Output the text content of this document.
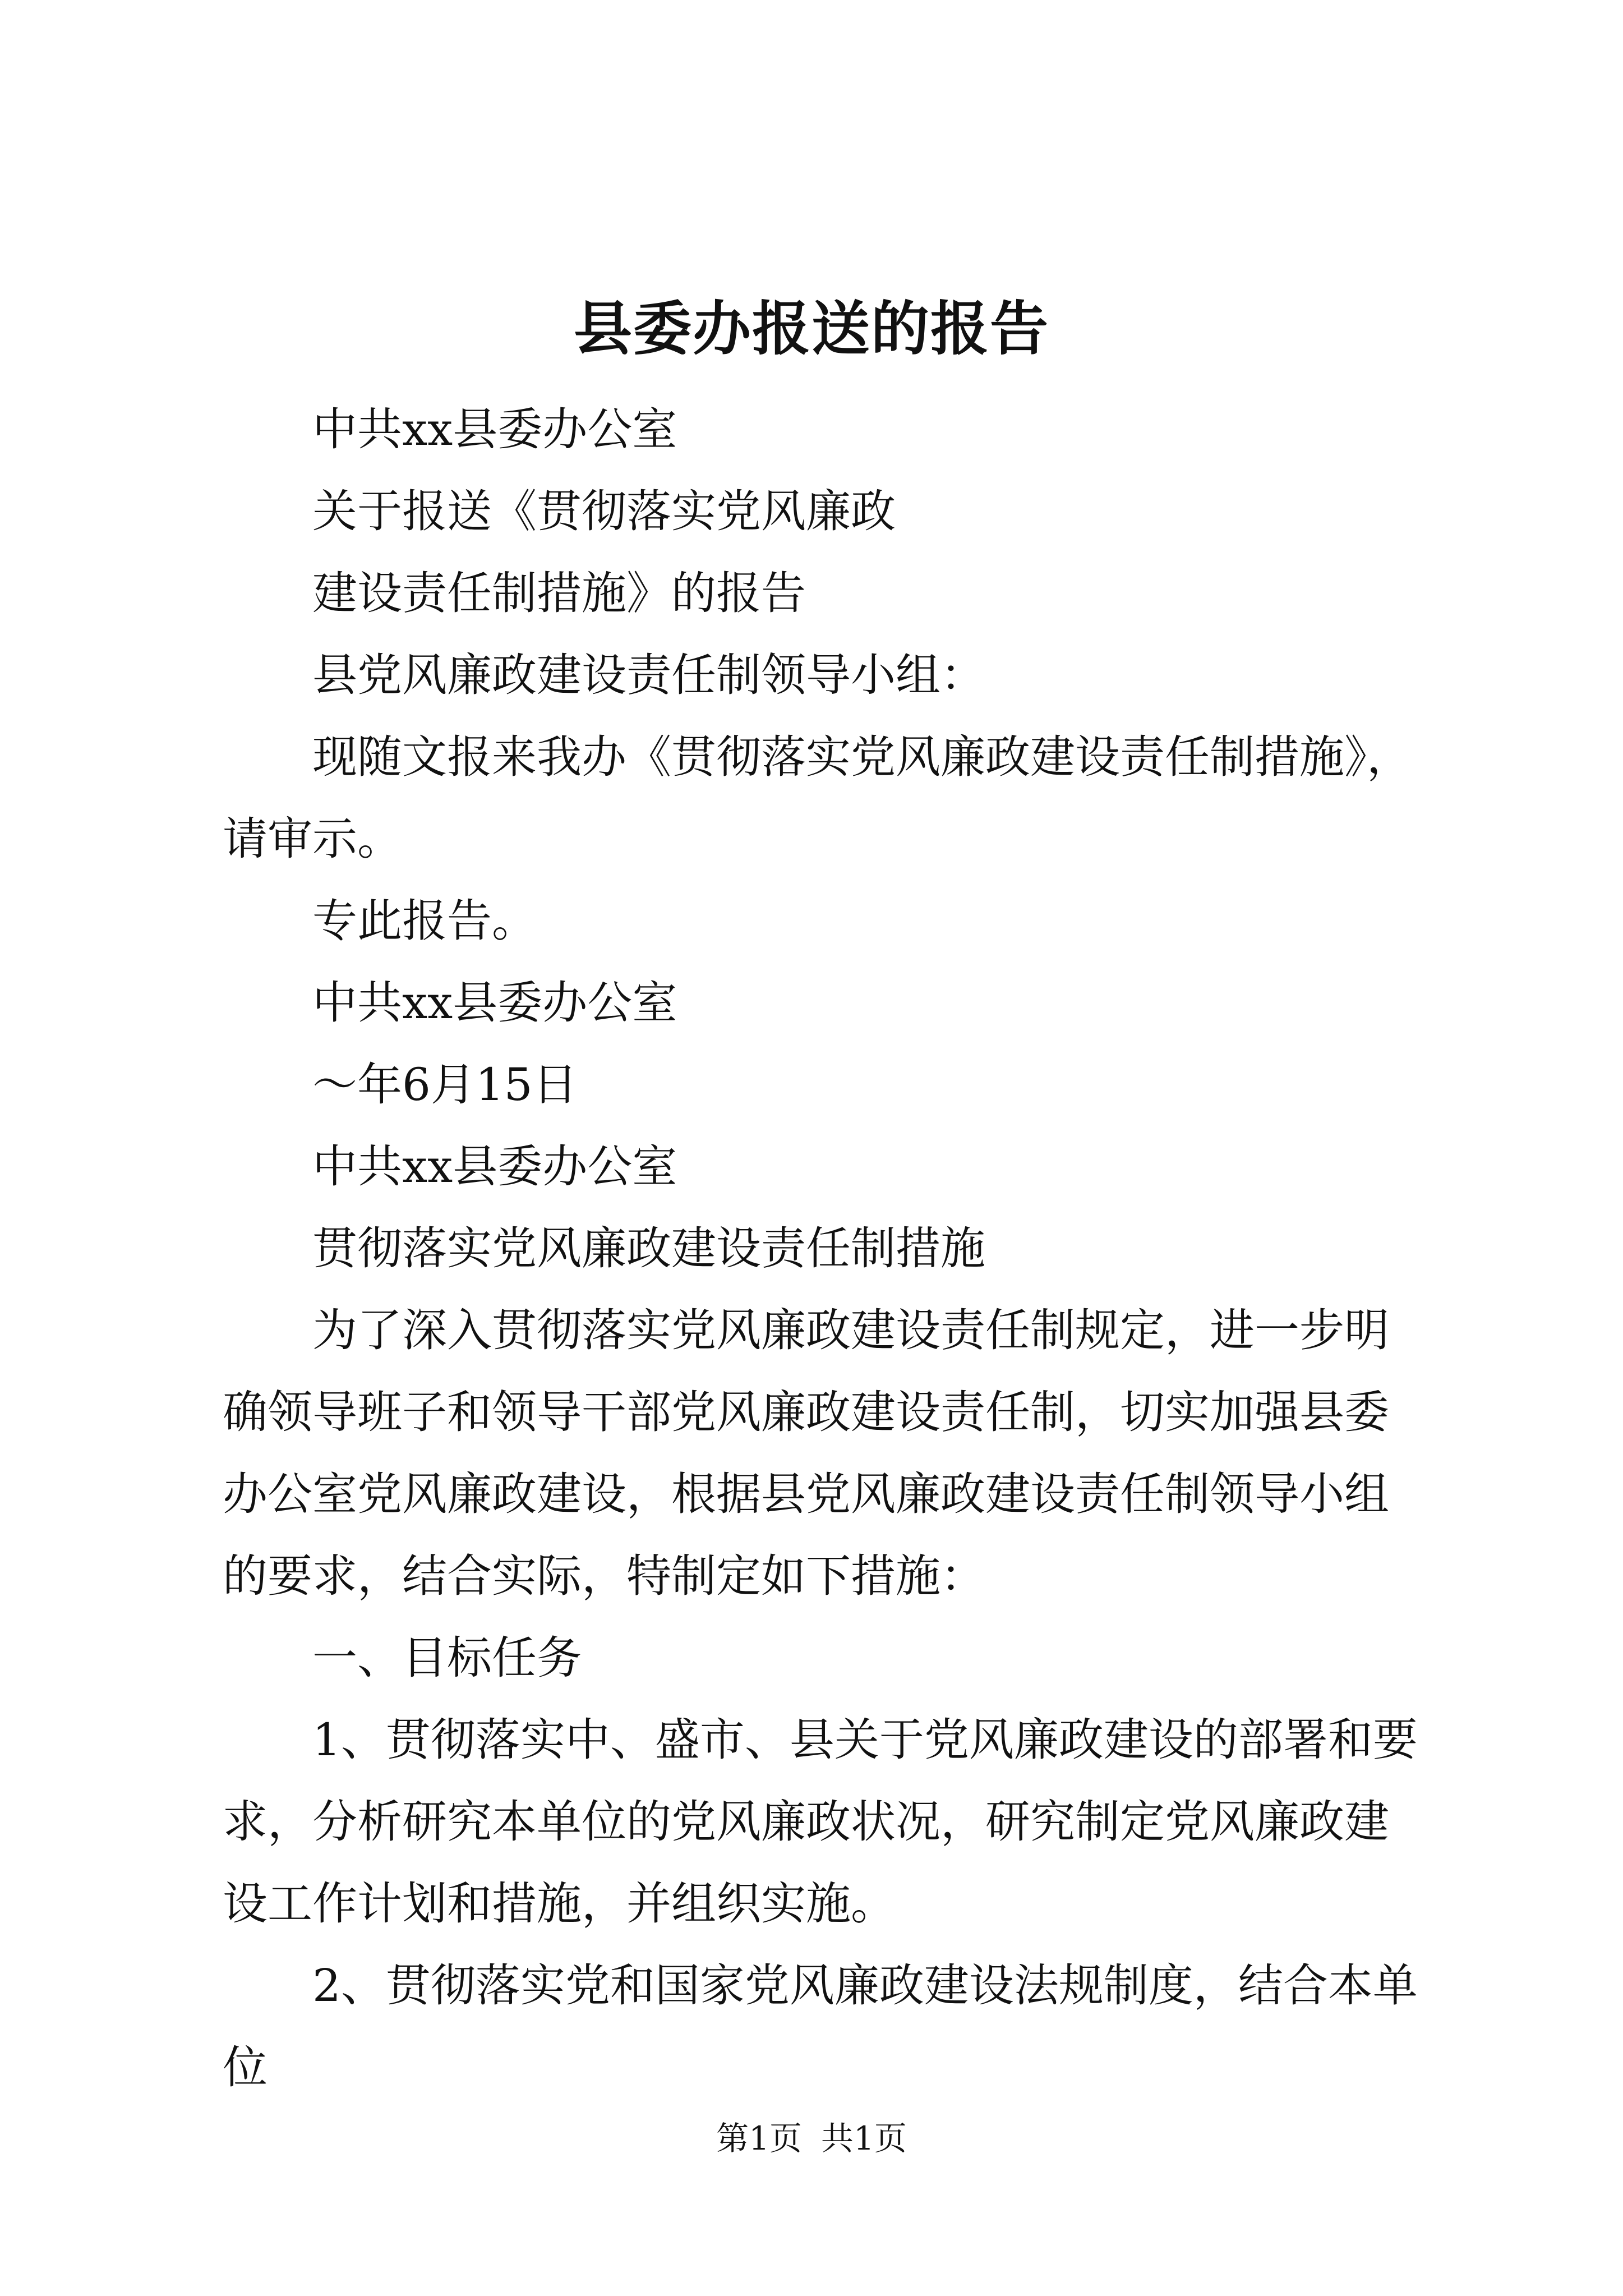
县委办报送的报告

中共xx县委办公室

关于报送《贯彻落实党风廉政

建设责任制措施》的报告

县党风廉政建设责任制领导小组：

现随文报来我办《贯彻落实党风廉政建设责任制措施》，请审示。

专此报告。

中共xx县委办公室

～年6月15日

中共xx县委办公室

贯彻落实党风廉政建设责任制措施

为了深入贯彻落实党风廉政建设责任制规定，进一步明确领导班子和领导干部党风廉政建设责任制，切实加强县委办公室党风廉政建设，根据县党风廉政建设责任制领导小组的要求，结合实际，特制定如下措施：

一、目标任务

1、贯彻落实中、盛市、县关于党风廉政建设的部署和要求，分析研究本单位的党风廉政状况，研究制定党风廉政建设工作计划和措施，并组织实施。

2、贯彻落实党和国家党风廉政建设法规制度，结合本单位

第1页 共1页
